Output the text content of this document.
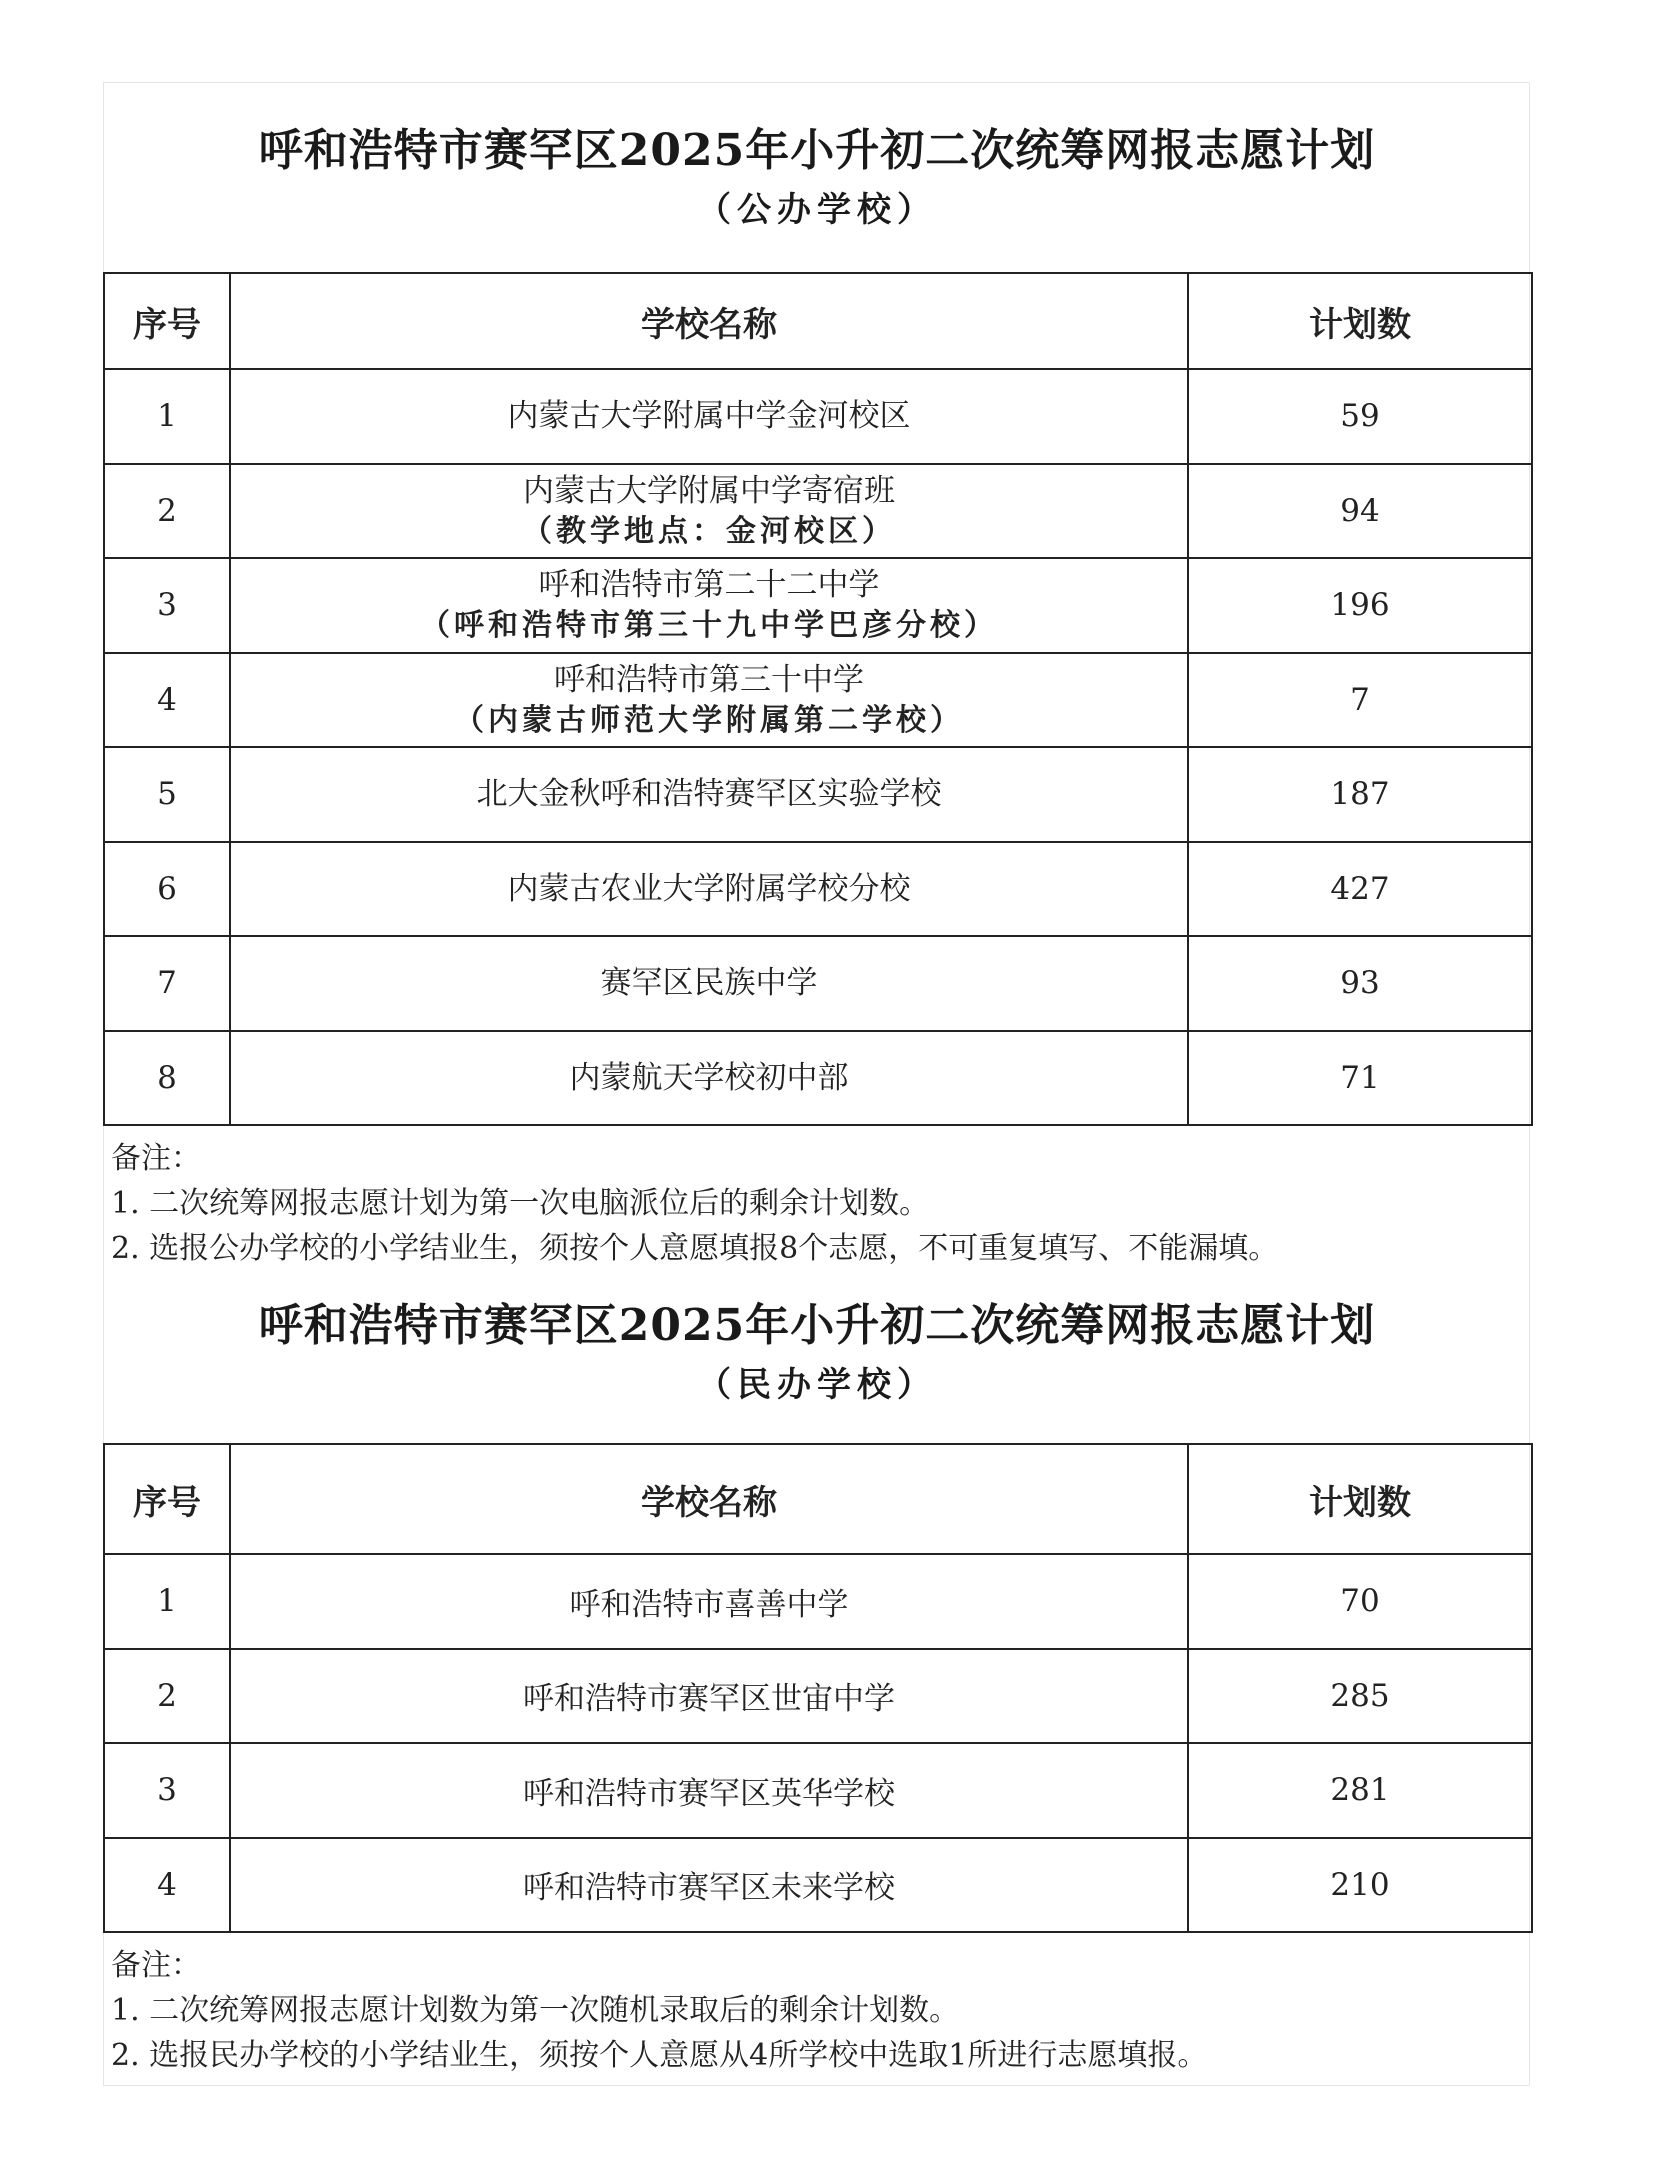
呼和浩特市赛罕区2025年小升初二次统筹网报志愿计划
（公办学校）
序号	学校名称	计划数
1	内蒙古大学附属中学金河校区	59
2	内蒙古大学附属中学寄宿班
（教学地点：金河校区）	94
3	呼和浩特市第二十二中学
（呼和浩特市第三十九中学巴彦分校）	196
4	呼和浩特市第三十中学
（内蒙古师范大学附属第二学校）	7
5	北大金秋呼和浩特赛罕区实验学校	187
6	内蒙古农业大学附属学校分校	427
7	赛罕区民族中学	93
8	内蒙航天学校初中部	71
备注：
1. 二次统筹网报志愿计划为第一次电脑派位后的剩余计划数。
2. 选报公办学校的小学结业生，须按个人意愿填报8个志愿，不可重复填写、不能漏填。
呼和浩特市赛罕区2025年小升初二次统筹网报志愿计划
（民办学校）
序号	学校名称	计划数
1	呼和浩特市喜善中学	70
2	呼和浩特市赛罕区世宙中学	285
3	呼和浩特市赛罕区英华学校	281
4	呼和浩特市赛罕区未来学校	210
备注：
1. 二次统筹网报志愿计划数为第一次随机录取后的剩余计划数。
2. 选报民办学校的小学结业生，须按个人意愿从4所学校中选取1所进行志愿填报。
